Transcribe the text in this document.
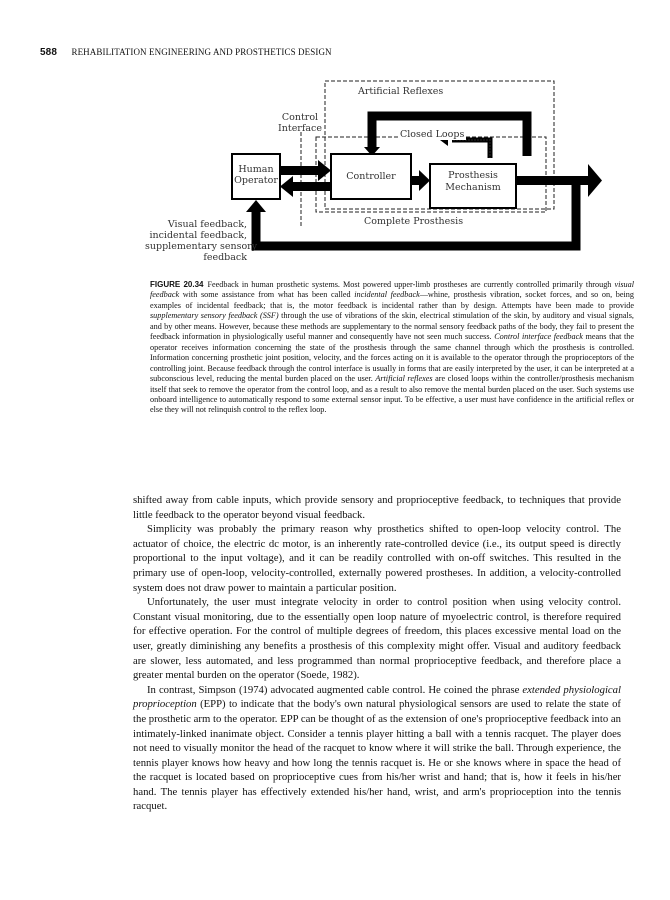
588 REHABILITATION ENGINEERING AND PROSTHETICS DESIGN
Artificial Reflexes
Control
Interface
Closed Loops
Human
Operator	Controller	Prosthesis
Mechanism
Complete Prosthesis
Visual feedback,
incidental feedback,
supplementary sensory
feedback
FIGURE 20.34 Feedback in human prosthetic systems. Most powered upper-limb prostheses are currently controlled primarily through visual feedback with some assistance from what has been called incidental feedback—whine, prosthesis vibration, socket forces, and so on, being examples of incidental feedback; that is, the motor feedback is incidental rather than by design. Attempts have been made to provide supplementary sensory feedback (SSF) through the use of vibrations of the skin, electrical stimulation of the skin, by auditory and visual signals, and by other means. However, because these methods are supplementary to the normal sensory feedback paths of the body, they fail to present the feedback information in physiologically useful manner and consequently have not seen much success. Control interface feedback means that the operator receives information concerning the state of the prosthesis through the same channel through which the prosthesis is controlled. Information concerning prosthetic joint position, velocity, and the forces acting on it is available to the operator through the proprioceptors of the controlling joint. Because feedback through the control interface is usually in forms that are easily interpreted by the user, it can be interpreted at a subconscious level, reducing the mental burden placed on the user. Artificial reflexes are closed loops within the controller/prosthesis mechanism itself that seek to remove the operator from the control loop, and as a result to also remove the mental burden placed on the user. Such systems use onboard intelligence to automatically respond to some external sensor input. To be effective, a user must have confidence in the artificial reflex or else they will not relinquish control to the reflex loop.

shifted away from cable inputs, which provide sensory and proprioceptive feedback, to techniques that provide little feedback to the operator beyond visual feedback.

Simplicity was probably the primary reason why prosthetics shifted to open-loop velocity control. The actuator of choice, the electric dc motor, is an inherently rate-controlled device (i.e., its output speed is directly proportional to the input voltage), and it can be readily controlled with on-off switches. This resulted in the primary use of open-loop, velocity-controlled, externally powered prostheses. In addition, a velocity-controlled system does not draw power to maintain a particular position.

Unfortunately, the user must integrate velocity in order to control position when using velocity control. Constant visual monitoring, due to the essentially open loop nature of myoelectric control, is therefore required for effective operation. For the control of multiple degrees of freedom, this places excessive mental load on the user, greatly diminishing any benefits a prosthesis of this complexity might offer. Visual and auditory feedback are slower, less automated, and less programmed than normal proprioceptive feedback, and therefore place a greater mental burden on the operator (Soede, 1982).

In contrast, Simpson (1974) advocated augmented cable control. He coined the phrase extended physiological proprioception (EPP) to indicate that the body's own natural physiological sensors are used to relate the state of the prosthetic arm to the operator. EPP can be thought of as the extension of one's proprioceptive feedback into an intimately-linked inanimate object. Consider a tennis player hitting a ball with a tennis racquet. The player does not need to visually monitor the head of the racquet to know where it will strike the ball. Through experience, the tennis player knows how heavy and how long the tennis racquet is. He or she knows where in space the head of the racquet is located based on proprioceptive cues from his/her wrist and hand; that is, how it feels in his/her hand. The tennis player has effectively extended his/her hand, wrist, and arm's proprioception into the tennis racquet.
